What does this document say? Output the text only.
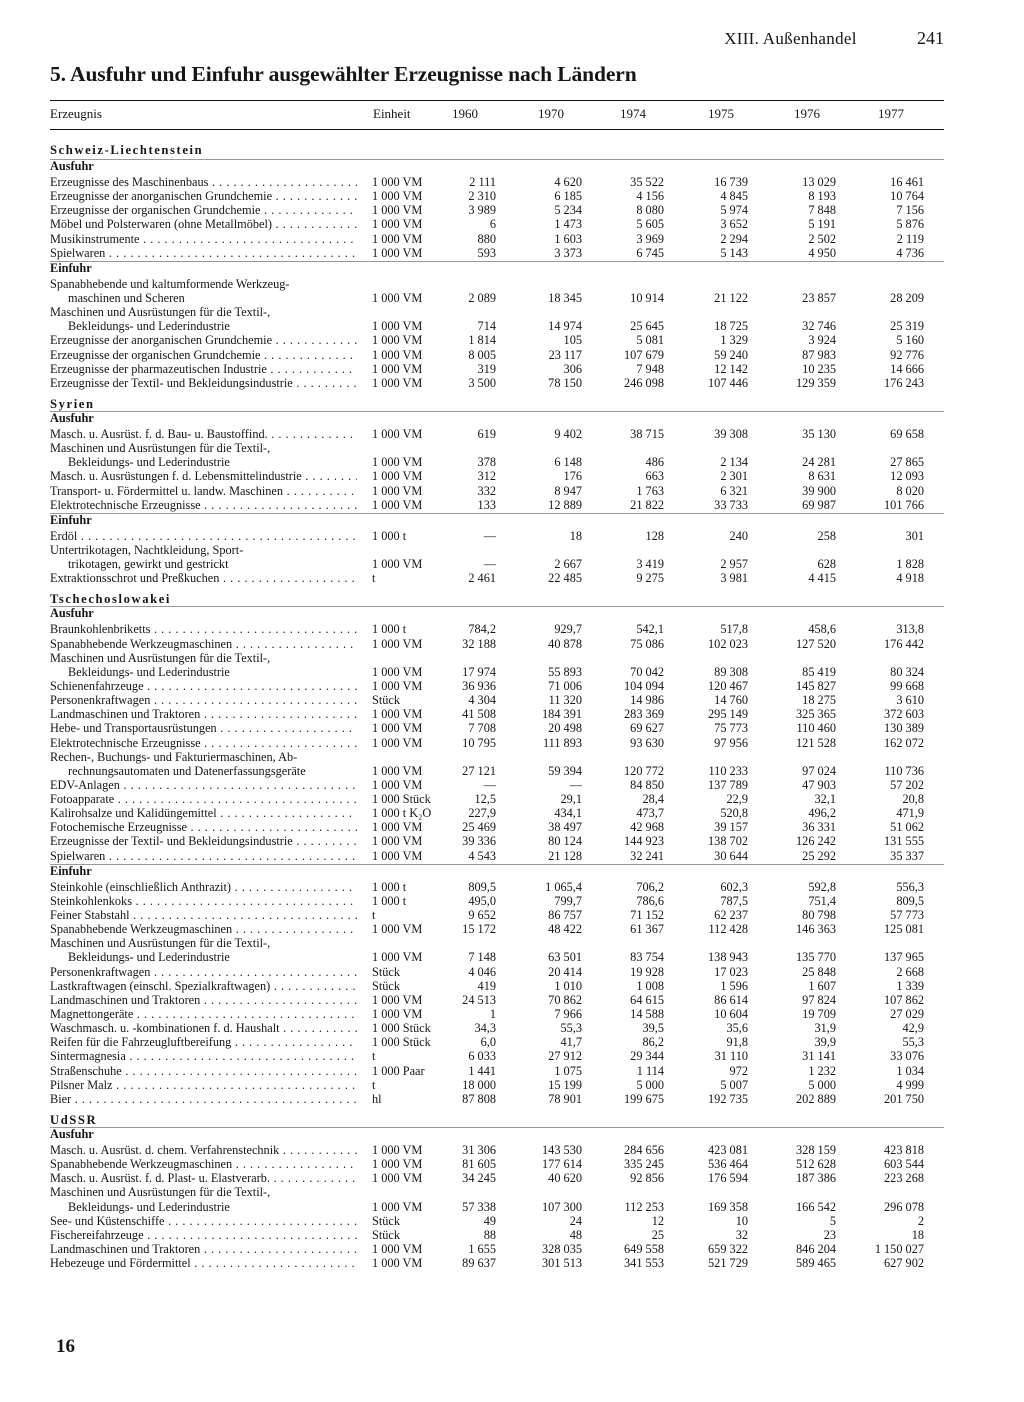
XIII. Außenhandel	241
5. Ausfuhr und Einfuhr ausgewählter Erzeugnisse nach Ländern
Erzeugnis	Einheit	1960	1970	1974	1975	1976	1977
Schweiz-Liechtenstein
Ausfuhr
Erzeugnisse des Maschinenbaus . . .	1 000 VM	2 111	4 620	35 522	16 739	13 029	16 461
Erzeugnisse der anorganischen Grundchemie . . .	1 000 VM	2 310	6 185	4 156	4 845	8 193	10 764
Erzeugnisse der organischen Grundchemie . . .	1 000 VM	3 989	5 234	8 080	5 974	7 848	7 156
Möbel und Polsterwaren (ohne Metallmöbel) . . .	1 000 VM	6	1 473	5 605	3 652	5 191	5 876
Musikinstrumente . . .	1 000 VM	880	1 603	3 969	2 294	2 502	2 119
Spielwaren . . .	1 000 VM	593	3 373	6 745	5 143	4 950	4 736
Einfuhr
Spanabhebende und kaltumformende Werkzeug-
maschinen und Scheren	1 000 VM	2 089	18 345	10 914	21 122	23 857	28 209
Maschinen und Ausrüstungen für die Textil-,
Bekleidungs- und Lederindustrie	1 000 VM	714	14 974	25 645	18 725	32 746	25 319
Erzeugnisse der anorganischen Grundchemie . . .	1 000 VM	1 814	105	5 081	1 329	3 924	5 160
Erzeugnisse der organischen Grundchemie . . .	1 000 VM	8 005	23 117	107 679	59 240	87 983	92 776
Erzeugnisse der pharmazeutischen Industrie . . .	1 000 VM	319	306	7 948	12 142	10 235	14 666
Erzeugnisse der Textil- und Bekleidungsindustrie . . .	1 000 VM	3 500	78 150	246 098	107 446	129 359	176 243
Syrien
Ausfuhr
Masch. u. Ausrüst. f. d. Bau- u. Baustoffind. . . .	1 000 VM	619	9 402	38 715	39 308	35 130	69 658
Maschinen und Ausrüstungen für die Textil-,
Bekleidungs- und Lederindustrie	1 000 VM	378	6 148	486	2 134	24 281	27 865
Masch. u. Ausrüstungen f. d. Lebensmittelindustrie . . .	1 000 VM	312	176	663	2 301	8 631	12 093
Transport- u. Fördermittel u. landw. Maschinen . . .	1 000 VM	332	8 947	1 763	6 321	39 900	8 020
Elektrotechnische Erzeugnisse . . .	1 000 VM	133	12 889	21 822	33 733	69 987	101 766
Einfuhr
Erdöl . . .	1 000 t	—	18	128	240	258	301
Untertrikotagen, Nachtkleidung, Sport-
trikotagen, gewirkt und gestrickt	1 000 VM	—	2 667	3 419	2 957	628	1 828
Extraktionsschrot und Preßkuchen . . .	t	2 461	22 485	9 275	3 981	4 415	4 918
Tschechoslowakei
Ausfuhr
Braunkohlenbriketts . . .	1 000 t	784,2	929,7	542,1	517,8	458,6	313,8
Spanabhebende Werkzeugmaschinen . . .	1 000 VM	32 188	40 878	75 086	102 023	127 520	176 442
Maschinen und Ausrüstungen für die Textil-,
Bekleidungs- und Lederindustrie	1 000 VM	17 974	55 893	70 042	89 308	85 419	80 324
Schienenfahrzeuge . . .	1 000 VM	36 936	71 006	104 094	120 467	145 827	99 668
Personenkraftwagen . . .	Stück	4 304	11 320	14 986	14 760	18 275	3 610
Landmaschinen und Traktoren . . .	1 000 VM	41 508	184 391	283 369	295 149	325 365	372 603
Hebe- und Transportausrüstungen . . .	1 000 VM	7 708	20 498	69 627	75 773	110 460	130 389
Elektrotechnische Erzeugnisse . . .	1 000 VM	10 795	111 893	93 630	97 956	121 528	162 072
Rechen-, Buchungs- und Fakturiermaschinen, Ab-
rechnungsautomaten und Datenerfassungsgeräte	1 000 VM	27 121	59 394	120 772	110 233	97 024	110 736
EDV-Anlagen . . .	1 000 VM	—	—	84 850	137 789	47 903	57 202
Fotoapparate . . .	1 000 Stück	12,5	29,1	28,4	22,9	32,1	20,8
Kalirohsalze und Kalidüngemittel . . .	1 000 t K₂O	227,9	434,1	473,7	520,8	496,2	471,9
Fotochemische Erzeugnisse . . .	1 000 VM	25 469	38 497	42 968	39 157	36 331	51 062
Erzeugnisse der Textil- und Bekleidungsindustrie . . .	1 000 VM	39 336	80 124	144 923	138 702	126 242	131 555
Spielwaren . . .	1 000 VM	4 543	21 128	32 241	30 644	25 292	35 337
Einfuhr
Steinkohle (einschließlich Anthrazit) . . .	1 000 t	809,5	1 065,4	706,2	602,3	592,8	556,3
Steinkohlenkoks . . .	1 000 t	495,0	799,7	786,6	787,5	751,4	809,5
Feiner Stabstahl . . .	t	9 652	86 757	71 152	62 237	80 798	57 773
Spanabhebende Werkzeugmaschinen . . .	1 000 VM	15 172	48 422	61 367	112 428	146 363	125 081
Maschinen und Ausrüstungen für die Textil-,
Bekleidungs- und Lederindustrie	1 000 VM	7 148	63 501	83 754	138 943	135 770	137 965
Personenkraftwagen . . .	Stück	4 046	20 414	19 928	17 023	25 848	2 668
Lastkraftwagen (einschl. Spezialkraftwagen) . . .	Stück	419	1 010	1 008	1 596	1 607	1 339
Landmaschinen und Traktoren . . .	1 000 VM	24 513	70 862	64 615	86 614	97 824	107 862
Magnettongeräte . . .	1 000 VM	1	7 966	14 588	10 604	19 709	27 029
Waschmasch. u. -kombinationen f. d. Haushalt . . .	1 000 Stück	34,3	55,3	39,5	35,6	31,9	42,9
Reifen für die Fahrzeugluftbereifung . . .	1 000 Stück	6,0	41,7	86,2	91,8	39,9	55,3
Sintermagnesia . . .	t	6 033	27 912	29 344	31 110	31 141	33 076
Straßenschuhe . . .	1 000 Paar	1 441	1 075	1 114	972	1 232	1 034
Pilsner Malz . . .	t	18 000	15 199	5 000	5 007	5 000	4 999
Bier . . .	hl	87 808	78 901	199 675	192 735	202 889	201 750
UdSSR
Ausfuhr
Masch. u. Ausrüst. d. chem. Verfahrenstechnik . . .	1 000 VM	31 306	143 530	284 656	423 081	328 159	423 818
Spanabhebende Werkzeugmaschinen . . .	1 000 VM	81 605	177 614	335 245	536 464	512 628	603 544
Masch. u. Ausrüst. f. d. Plast- u. Elastverarb. . . .	1 000 VM	34 245	40 620	92 856	176 594	187 386	223 268
Maschinen und Ausrüstungen für die Textil-,
Bekleidungs- und Lederindustrie	1 000 VM	57 338	107 300	112 253	169 358	166 542	296 078
See- und Küstenschiffe . . .	Stück	49	24	12	10	5	2
Fischereifahrzeuge . . .	Stück	88	48	25	32	23	18
Landmaschinen und Traktoren . . .	1 000 VM	1 655	328 035	649 558	659 322	846 204	1 150 027
Hebezeuge und Fördermittel . . .	1 000 VM	89 637	301 513	341 553	521 729	589 465	627 902
16
